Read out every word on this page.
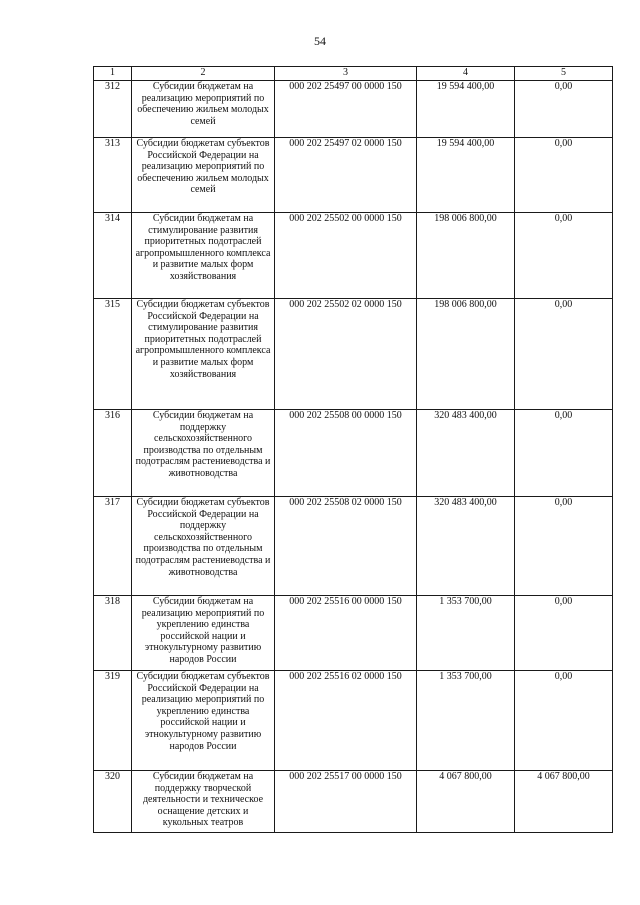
54
1	2	3	4	5
312	Субсидии бюджетам на реализацию мероприятий по обеспечению жильем молодых семей	000 202 25497 00 0000 150	19 594 400,00	0,00
313	Субсидии бюджетам субъектов Российской Федерации на реализацию мероприятий по обеспечению жильем молодых семей	000 202 25497 02 0000 150	19 594 400,00	0,00
314	Субсидии бюджетам на стимулирование развития приоритетных подотраслей агропромышленного комплекса и развитие малых форм хозяйствования	000 202 25502 00 0000 150	198 006 800,00	0,00
315	Субсидии бюджетам субъектов Российской Федерации на стимулирование развития приоритетных подотраслей агропромышленного комплекса и развитие малых форм хозяйствования	000 202 25502 02 0000 150	198 006 800,00	0,00
316	Субсидии бюджетам на поддержку сельскохозяйственного производства по отдельным подотраслям растениеводства и животноводства	000 202 25508 00 0000 150	320 483 400,00	0,00
317	Субсидии бюджетам субъектов Российской Федерации на поддержку сельскохозяйственного производства по отдельным подотраслям растениеводства и животноводства	000 202 25508 02 0000 150	320 483 400,00	0,00
318	Субсидии бюджетам на реализацию мероприятий по укреплению единства российской нации и этнокультурному развитию народов России	000 202 25516 00 0000 150	1 353 700,00	0,00
319	Субсидии бюджетам субъектов Российской Федерации на реализацию мероприятий по укреплению единства российской нации и этнокультурному развитию народов России	000 202 25516 02 0000 150	1 353 700,00	0,00
320	Субсидии бюджетам на поддержку творческой деятельности и техническое оснащение детских и кукольных театров	000 202 25517 00 0000 150	4 067 800,00	4 067 800,00
